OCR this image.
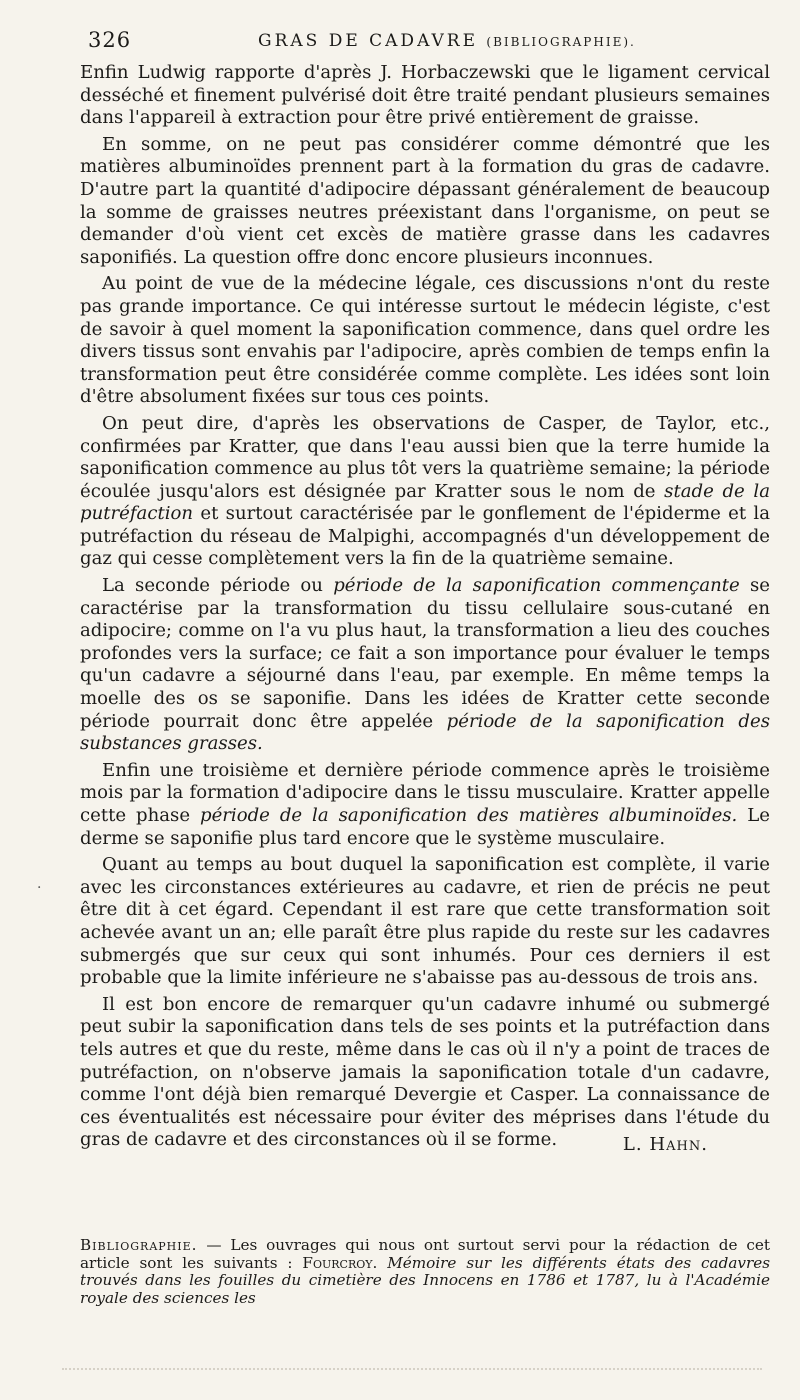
326	GRAS DE CADAVRE (BIBLIOGRAPHIE).

Enfin Ludwig rapporte d'après J. Horbaczewski que le ligament cervical desséché et finement pulvérisé doit être traité pendant plusieurs semaines dans l'appareil à extraction pour être privé entièrement de graisse.

En somme, on ne peut pas considérer comme démontré que les matières albuminoïdes prennent part à la formation du gras de cadavre. D'autre part la quantité d'adipocire dépassant généralement de beaucoup la somme de graisses neutres préexistant dans l'organisme, on peut se demander d'où vient cet excès de matière grasse dans les cadavres saponifiés. La question offre donc encore plusieurs inconnues.

Au point de vue de la médecine légale, ces discussions n'ont du reste pas grande importance. Ce qui intéresse surtout le médecin légiste, c'est de savoir à quel moment la saponification commence, dans quel ordre les divers tissus sont envahis par l'adipocire, après combien de temps enfin la transformation peut être considérée comme complète. Les idées sont loin d'être absolument fixées sur tous ces points.

On peut dire, d'après les observations de Casper, de Taylor, etc., confirmées par Kratter, que dans l'eau aussi bien que la terre humide la saponification commence au plus tôt vers la quatrième semaine; la période écoulée jusqu'alors est désignée par Kratter sous le nom de stade de la putréfaction et surtout caractérisée par le gonflement de l'épiderme et la putréfaction du réseau de Malpighi, accompagnés d'un développement de gaz qui cesse complètement vers la fin de la quatrième semaine.

La seconde période ou période de la saponification commençante se caractérise par la transformation du tissu cellulaire sous-cutané en adipocire; comme on l'a vu plus haut, la transformation a lieu des couches profondes vers la surface; ce fait a son importance pour évaluer le temps qu'un cadavre a séjourné dans l'eau, par exemple. En même temps la moelle des os se saponifie. Dans les idées de Kratter cette seconde période pourrait donc être appelée période de la saponification des substances grasses.

Enfin une troisième et dernière période commence après le troisième mois par la formation d'adipocire dans le tissu musculaire. Kratter appelle cette phase période de la saponification des matières albuminoïdes. Le derme se saponifie plus tard encore que le système musculaire.

Quant au temps au bout duquel la saponification est complète, il varie avec les circonstances extérieures au cadavre, et rien de précis ne peut être dit à cet égard. Cependant il est rare que cette transformation soit achevée avant un an; elle paraît être plus rapide du reste sur les cadavres submergés que sur ceux qui sont inhumés. Pour ces derniers il est probable que la limite inférieure ne s'abaisse pas au-dessous de trois ans.

Il est bon encore de remarquer qu'un cadavre inhumé ou submergé peut subir la saponification dans tels de ses points et la putréfaction dans tels autres et que du reste, même dans le cas où il n'y a point de traces de putréfaction, on n'observe jamais la saponification totale d'un cadavre, comme l'ont déjà bien remarqué Devergie et Casper. La connaissance de ces éventualités est nécessaire pour éviter des méprises dans l'étude du gras de cadavre et des circonstances où il se forme.	L. Hahn.
Bibliographie. — Les ouvrages qui nous ont surtout servi pour la rédaction de cet article sont les suivants : Fourcroy. Mémoire sur les différents états des cadavres trouvés dans les fouilles du cimetière des Innocens en 1786 et 1787, lu à l'Académie royale des sciences les
·
